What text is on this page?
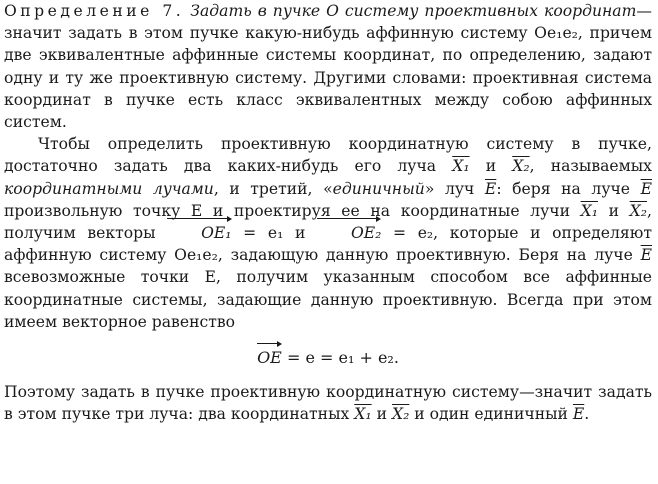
Определение 7. Задать в пучке O систему проективных координат—значит задать в этом пучке какую-нибудь аффинную систему Oe₁e₂, причем две эквивалентные аффинные системы координат, по определению, задают одну и ту же проективную систему. Другими словами: проективная система координат в пучке есть класс эквивалентных между собою аффинных систем.

Чтобы определить проективную координатную систему в пучке, достаточно задать два каких-нибудь его луча X₁ и X₂, называемых координатными лучами, и третий, «единичный» луч $\overline{E}$: беря на луче $\overline{E}$ произвольную точку E и проектируя ее на координатные лучи X₁ и X₂, получим векторы	OE₁ = e₁ и	OE₂ = e₂, которые и определяют аффинную систему Oe₁e₂, задающую данную проективную. Беря на луче $\overline{E}$ всевозможные точки E, получим указанным способом все аффинные координатные системы, задающие данную проективную. Всегда при этом имеем векторное равенство

OE = e = e₁ + e₂.

Поэтому задать в пучке проективную координатную систему—значит задать в этом пучке три луча: два координатных X₁ и X₂ и один единичный $\overline{E}$.
